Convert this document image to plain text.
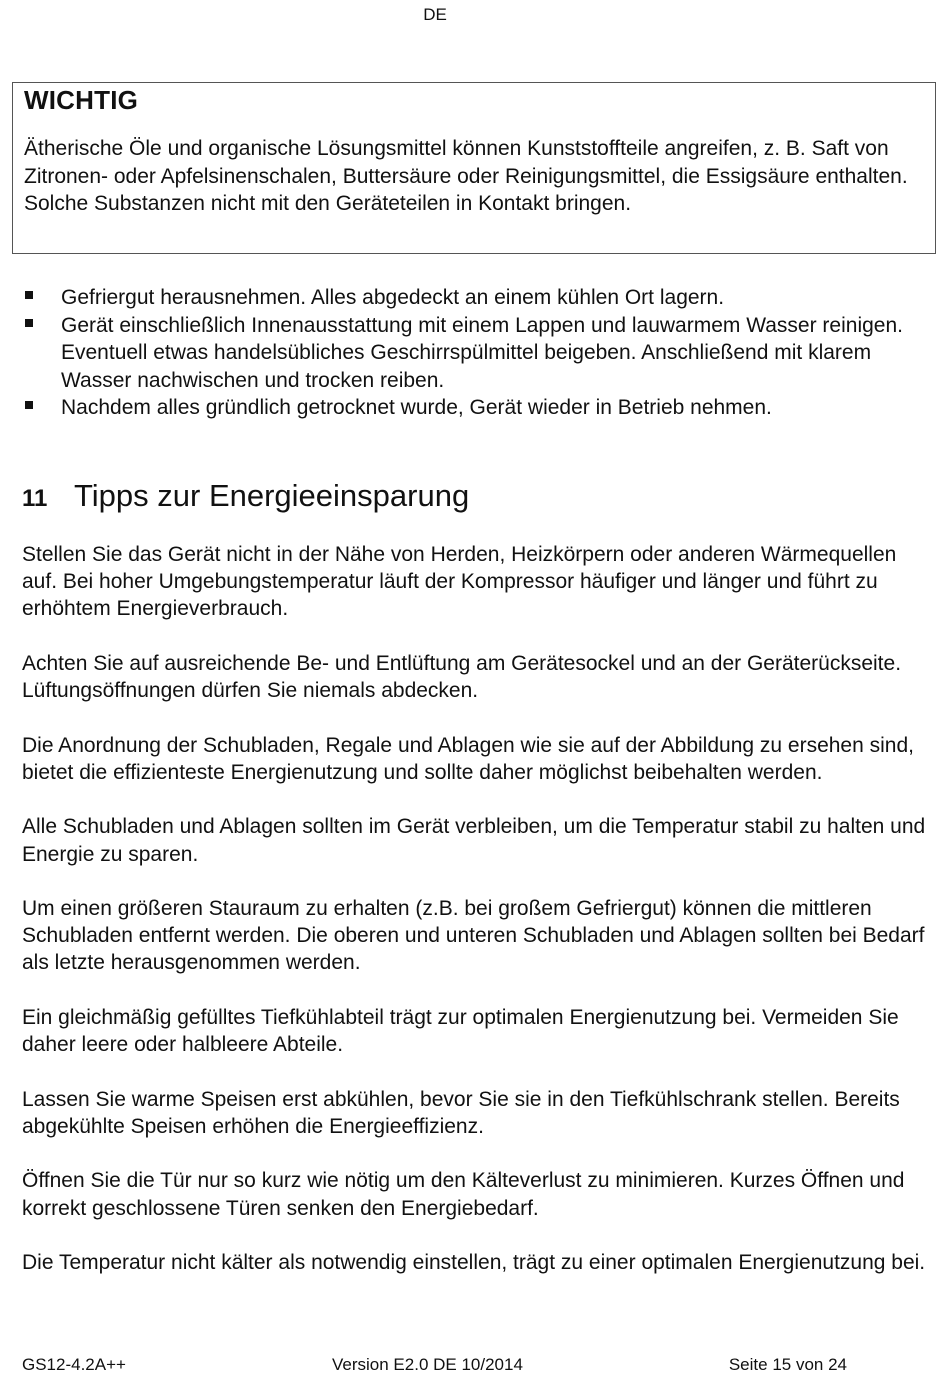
DE
WICHTIG
Ätherische Öle und organische Lösungsmittel können Kunststoffteile angreifen, z. B. Saft von Zitronen- oder Apfelsinenschalen, Buttersäure oder Reinigungsmittel, die Essigsäure enthalten. Solche Substanzen nicht mit den Geräteteilen in Kontakt bringen.
Gefriergut herausnehmen. Alles abgedeckt an einem kühlen Ort lagern.
Gerät einschließlich Innenausstattung mit einem Lappen und lauwarmem Wasser reinigen. Eventuell etwas handelsübliches Geschirrspülmittel beigeben. Anschließend mit klarem Wasser nachwischen und trocken reiben.
Nachdem alles gründlich getrocknet wurde, Gerät wieder in Betrieb nehmen.
11 Tipps zur Energieeinsparung

Stellen Sie das Gerät nicht in der Nähe von Herden, Heizkörpern oder anderen Wärmequellen auf. Bei hoher Umgebungstemperatur läuft der Kompressor häufiger und länger und führt zu erhöhtem Energieverbrauch.

Achten Sie auf ausreichende Be- und Entlüftung am Gerätesockel und an der Geräterückseite. Lüftungsöffnungen dürfen Sie niemals abdecken.

Die Anordnung der Schubladen, Regale und Ablagen wie sie auf der Abbildung zu ersehen sind, bietet die effizienteste Energienutzung und sollte daher möglichst beibehalten werden.

Alle Schubladen und Ablagen sollten im Gerät verbleiben, um die Temperatur stabil zu halten und Energie zu sparen.

Um einen größeren Stauraum zu erhalten (z.B. bei großem Gefriergut) können die mittleren Schubladen entfernt werden. Die oberen und unteren Schubladen und Ablagen sollten bei Bedarf als letzte herausgenommen werden.

Ein gleichmäßig gefülltes Tiefkühlabteil trägt zur optimalen Energienutzung bei. Vermeiden Sie daher leere oder halbleere Abteile.

Lassen Sie warme Speisen erst abkühlen, bevor Sie sie in den Tiefkühlschrank stellen. Bereits abgekühlte Speisen erhöhen die Energieeffizienz.

Öffnen Sie die Tür nur so kurz wie nötig um den Kälteverlust zu minimieren. Kurzes Öffnen und korrekt geschlossene Türen senken den Energiebedarf.

Die Temperatur nicht kälter als notwendig einstellen, trägt zu einer optimalen Energienutzung bei.

GS12-4.2A++	Version E2.0 DE 10/2014	Seite 15 von 24
